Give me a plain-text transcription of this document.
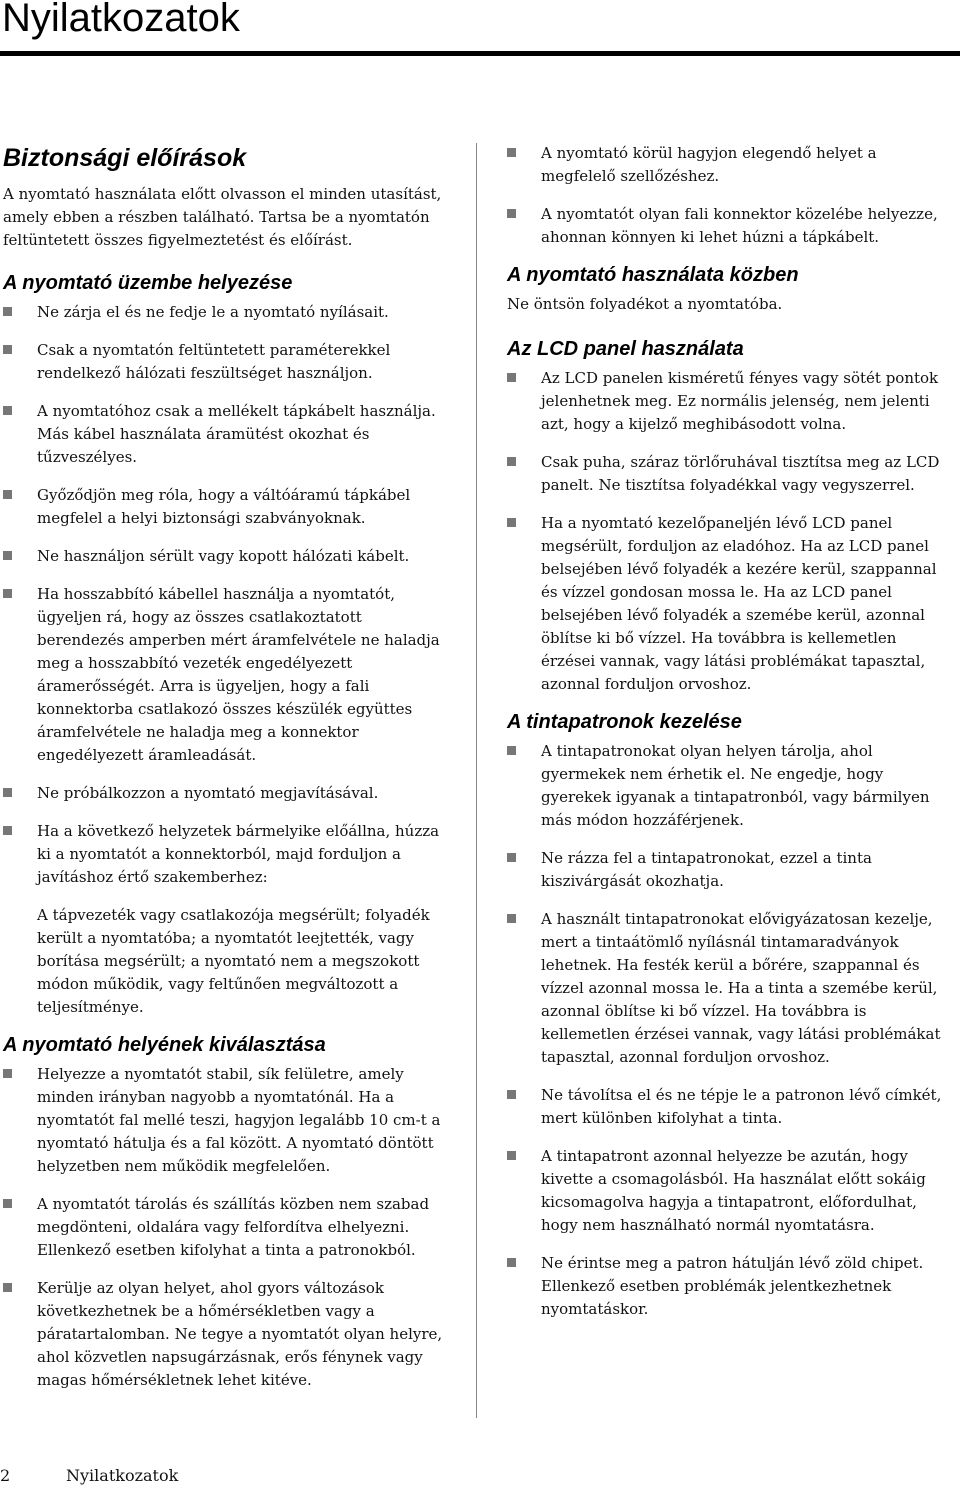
Nyilatkozatok
Biztonsági előírások

A nyomtató használata előtt olvasson el minden utasítást, amely ebben a részben található. Tartsa be a nyomtatón feltüntetett összes figyelmeztetést és előírást.

A nyomtató üzembe helyezése
Ne zárja el és ne fedje le a nyomtató nyílásait.
Csak a nyomtatón feltüntetett paraméterekkel rendelkező hálózati feszültséget használjon.
A nyomtatóhoz csak a mellékelt tápkábelt használja. Más kábel használata áramütést okozhat és tűzveszélyes.
Győződjön meg róla, hogy a váltóáramú tápkábel megfelel a helyi biztonsági szabványoknak.
Ne használjon sérült vagy kopott hálózati kábelt.
Ha hosszabbító kábellel használja a nyomtatót, ügyeljen rá, hogy az összes csatlakoztatott berendezés amperben mért áramfelvétele ne haladja meg a hosszabbító vezeték engedélyezett áramerősségét. Arra is ügyeljen, hogy a fali konnektorba csatlakozó összes készülék együttes áramfelvétele ne haladja meg a konnektor engedélyezett áramleadását.
Ne próbálkozzon a nyomtató megjavításával.
Ha a következő helyzetek bármelyike előállna, húzza ki a nyomtatót a konnektorból, majd forduljon a javításhoz értő szakemberhez:
A tápvezeték vagy csatlakozója megsérült; folyadék került a nyomtatóba; a nyomtatót leejtették, vagy borítása megsérült; a nyomtató nem a megszokott módon működik, vagy feltűnően megváltozott a teljesítménye.
A nyomtató helyének kiválasztása
Helyezze a nyomtatót stabil, sík felületre, amely minden irányban nagyobb a nyomtatónál. Ha a nyomtatót fal mellé teszi, hagyjon legalább 10 cm-t a nyomtató hátulja és a fal között. A nyomtató döntött helyzetben nem működik megfelelően.
A nyomtatót tárolás és szállítás közben nem szabad megdönteni, oldalára vagy felfordítva elhelyezni. Ellenkező esetben kifolyhat a tinta a patronokból.
Kerülje az olyan helyet, ahol gyors változások következhetnek be a hőmérsékletben vagy a páratartalomban. Ne tegye a nyomtatót olyan helyre, ahol közvetlen napsugárzásnak, erős fénynek vagy magas hőmérsékletnek lehet kitéve.
A nyomtató körül hagyjon elegendő helyet a megfelelő szellőzéshez.
A nyomtatót olyan fali konnektor közelébe helyezze, ahonnan könnyen ki lehet húzni a tápkábelt.
A nyomtató használata közben

Ne öntsön folyadékot a nyomtatóba.

Az LCD panel használata
Az LCD panelen kisméretű fényes vagy sötét pontok jelenhetnek meg. Ez normális jelenség, nem jelenti azt, hogy a kijelző meghibásodott volna.
Csak puha, száraz törlőruhával tisztítsa meg az LCD panelt. Ne tisztítsa folyadékkal vagy vegyszerrel.
Ha a nyomtató kezelőpaneljén lévő LCD panel megsérült, forduljon az eladóhoz. Ha az LCD panel belsejében lévő folyadék a kezére kerül, szappannal és vízzel gondosan mossa le. Ha az LCD panel belsejében lévő folyadék a szemébe kerül, azonnal öblítse ki bő vízzel. Ha továbbra is kellemetlen érzései vannak, vagy látási problémákat tapasztal, azonnal forduljon orvoshoz.
A tintapatronok kezelése
A tintapatronokat olyan helyen tárolja, ahol gyermekek nem érhetik el. Ne engedje, hogy gyerekek igyanak a tintapatronból, vagy bármilyen más módon hozzáférjenek.
Ne rázza fel a tintapatronokat, ezzel a tinta kiszivárgását okozhatja.
A használt tintapatronokat elővigyázatosan kezelje, mert a tintaátömlő nyílásnál tintamaradványok lehetnek. Ha festék kerül a bőrére, szappannal és vízzel azonnal mossa le. Ha a tinta a szemébe kerül, azonnal öblítse ki bő vízzel. Ha továbbra is kellemetlen érzései vannak, vagy látási problémákat tapasztal, azonnal forduljon orvoshoz.
Ne távolítsa el és ne tépje le a patronon lévő címkét, mert különben kifolyhat a tinta.
A tintapatront azonnal helyezze be azután, hogy kivette a csomagolásból. Ha használat előtt sokáig kicsomagolva hagyja a tintapatront, előfordulhat, hogy nem használható normál nyomtatásra.
Ne érintse meg a patron hátulján lévő zöld chipet. Ellenkező esetben problémák jelentkezhetnek nyomtatáskor.
2	Nyilatkozatok
